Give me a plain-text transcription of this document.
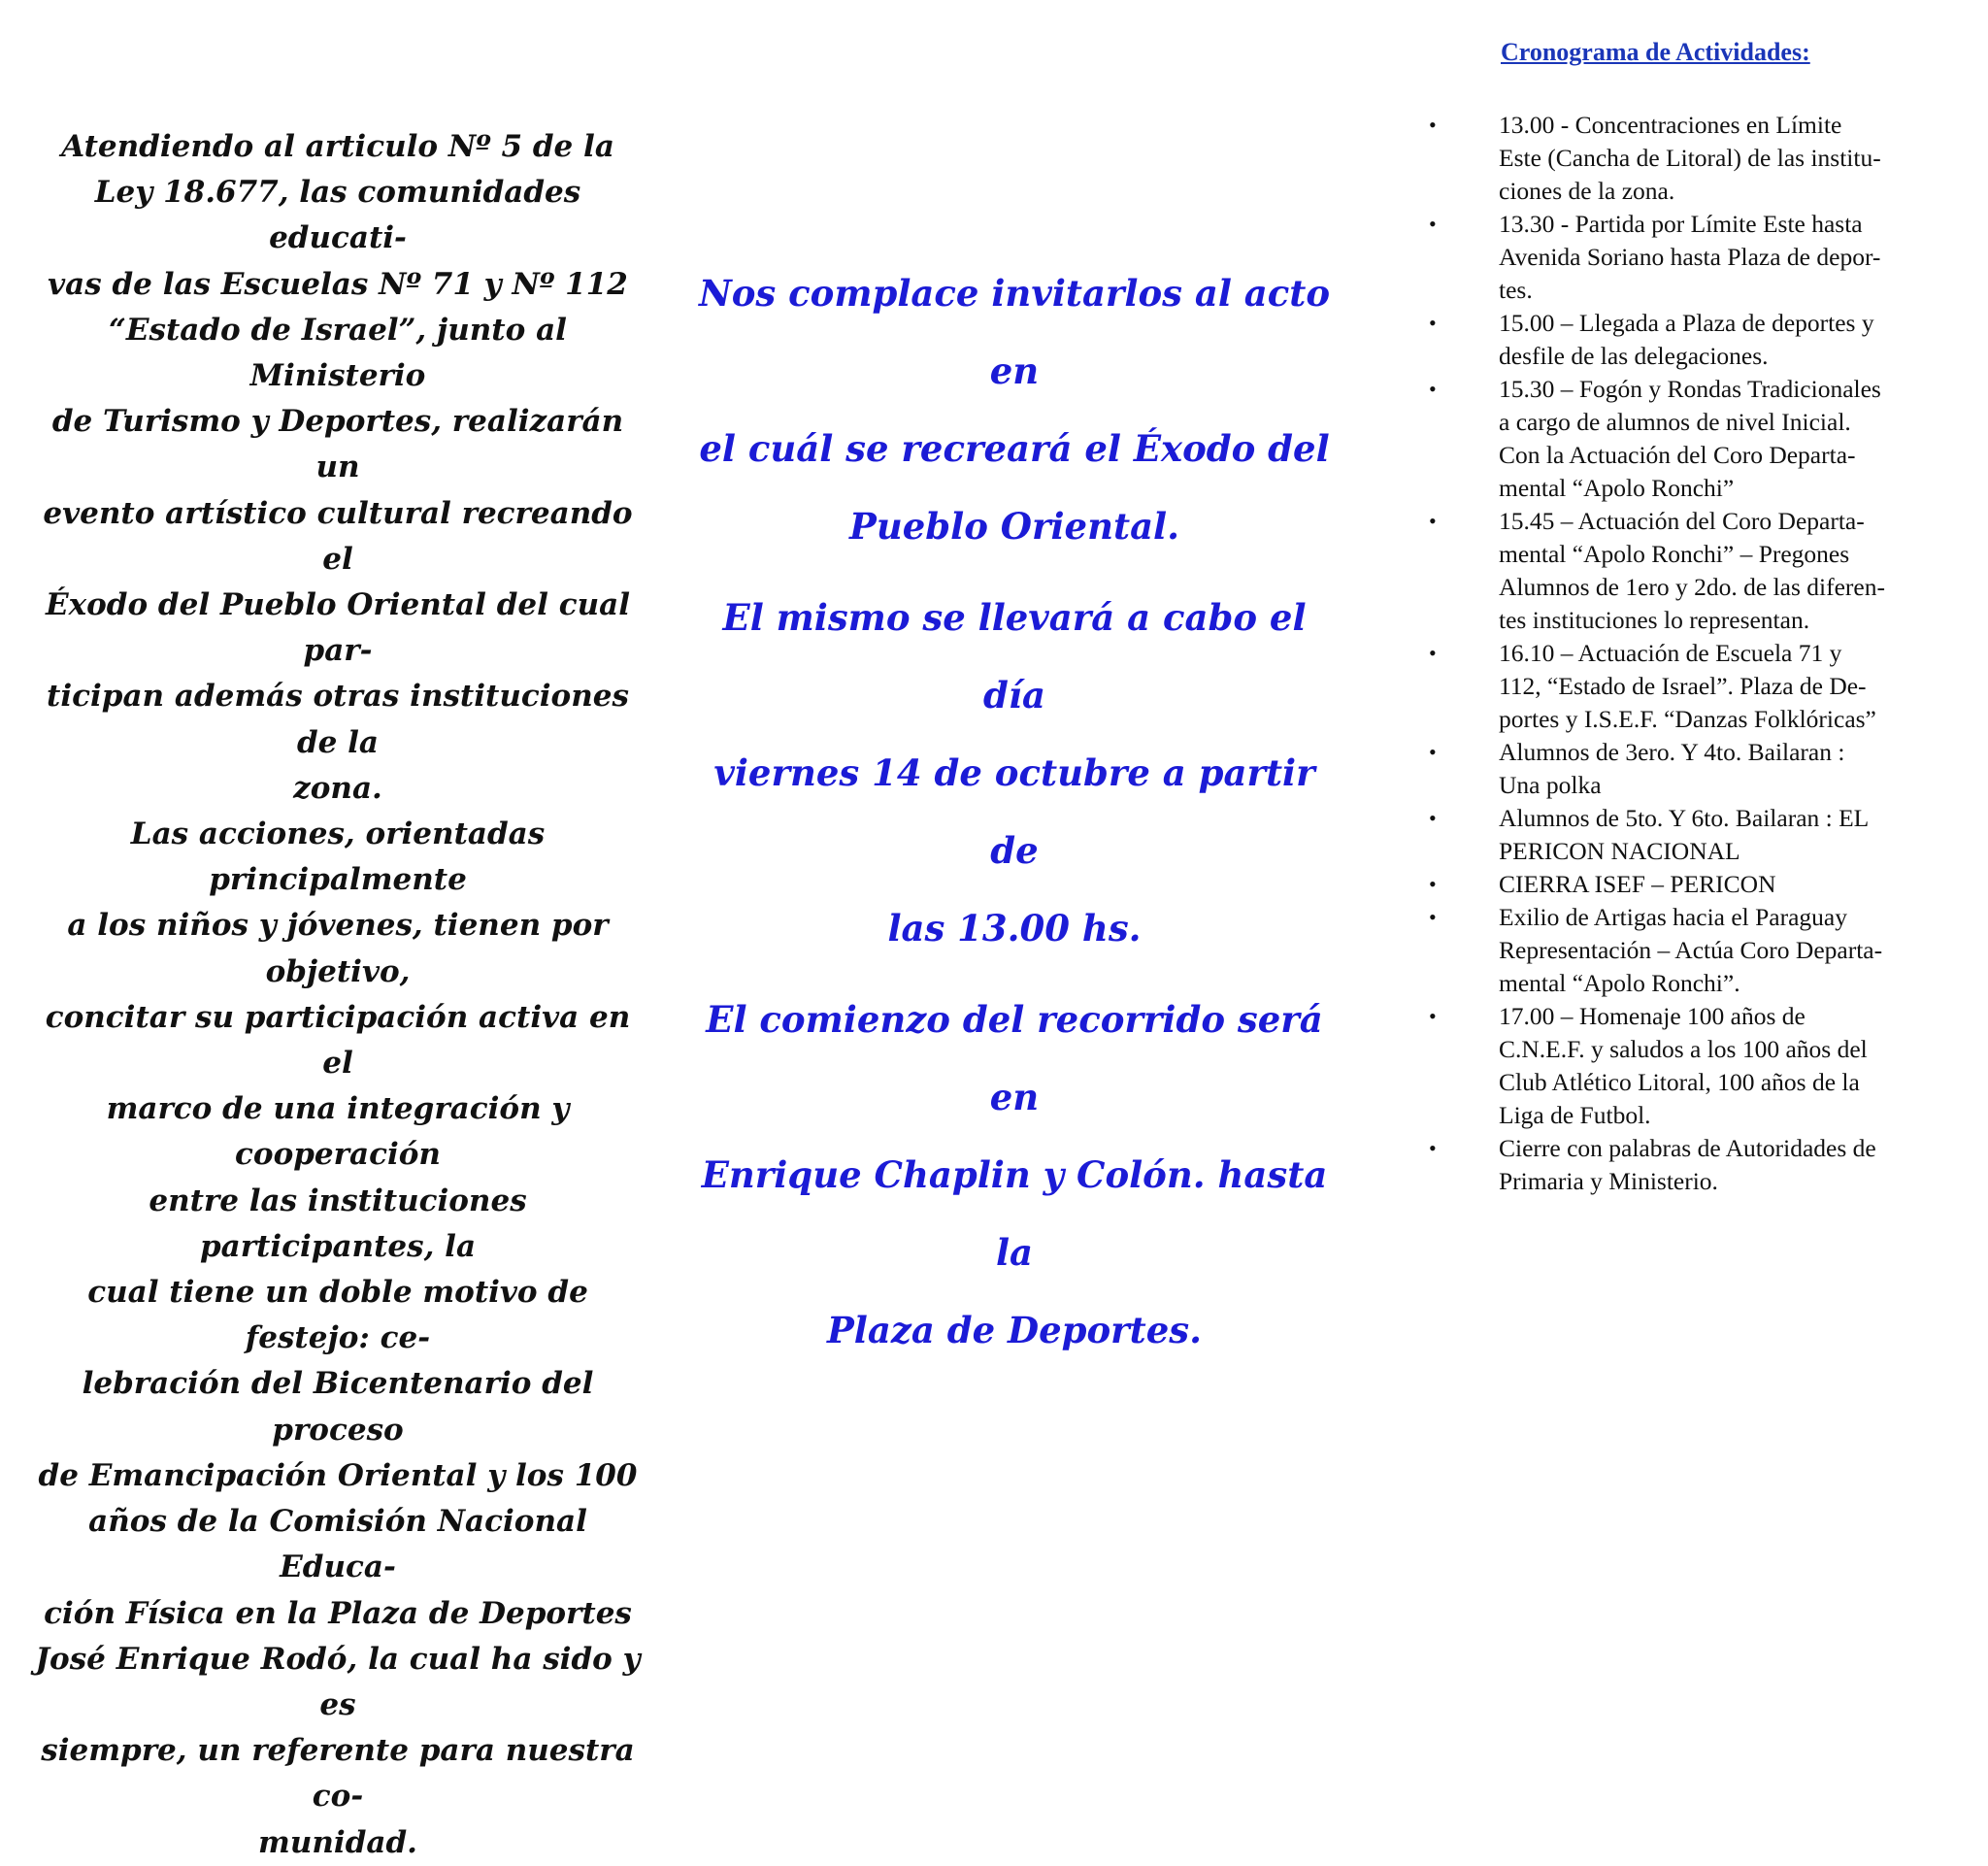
Atendiendo al articulo Nº 5 de la
Ley 18.677, las comunidades educati-
vas de las Escuelas Nº 71 y Nº 112
“Estado de Israel”, junto al Ministerio
de Turismo y Deportes, realizarán un
evento artístico cultural recreando el
Éxodo del Pueblo Oriental del cual par-
ticipan además otras instituciones de la
zona.

Las acciones, orientadas principalmente
a los niños y jóvenes, tienen por objetivo,
concitar su participación activa en el
marco de una integración y cooperación
entre las instituciones participantes, la
cual tiene un doble motivo de festejo: ce-
lebración del Bicentenario del proceso
de Emancipación Oriental y los 100
años de la Comisión Nacional Educa-
ción Física en la Plaza de Deportes
José Enrique Rodó, la cual ha sido y es
siempre, un referente para nuestra co-
munidad.

Nos complace invitarlos al acto en
el cuál se recreará el Éxodo del
Pueblo Oriental.

El mismo se llevará a cabo el día
viernes 14 de octubre a partir de
las 13.00 hs.

El comienzo del recorrido será en
Enrique Chaplin y Colón. hasta la
Plaza de Deportes.

Cronograma de Actividades:
•	13.00 - Concentraciones en Límite
Este (Cancha de Litoral) de las institu-
ciones de la zona.
•	13.30 - Partida por Límite Este hasta
Avenida Soriano hasta Plaza de depor-
tes.
•	15.00 – Llegada a Plaza de deportes y
desfile de las delegaciones.
•	15.30 – Fogón y Rondas Tradicionales
a cargo de alumnos de nivel Inicial.
Con la Actuación del Coro Departa-
mental “Apolo Ronchi”
•	15.45 – Actuación del Coro Departa-
mental “Apolo Ronchi” – Pregones
Alumnos de 1ero y 2do. de las diferen-
tes instituciones lo representan.
•	16.10 – Actuación de Escuela 71 y
112, “Estado de Israel”. Plaza de De-
portes y I.S.E.F. “Danzas Folklóricas”
•	Alumnos de 3ero. Y 4to. Bailaran :
Una polka
•	Alumnos de 5to. Y 6to. Bailaran : EL
PERICON NACIONAL
•	CIERRA ISEF – PERICON
•	Exilio de Artigas hacia el Paraguay
Representación – Actúa Coro Departa-
mental “Apolo Ronchi”.
•	17.00 – Homenaje 100 años de
C.N.E.F. y saludos a los 100 años del
Club Atlético Litoral, 100 años de la
Liga de Futbol.
•	Cierre con palabras de Autoridades de
Primaria y Ministerio.
